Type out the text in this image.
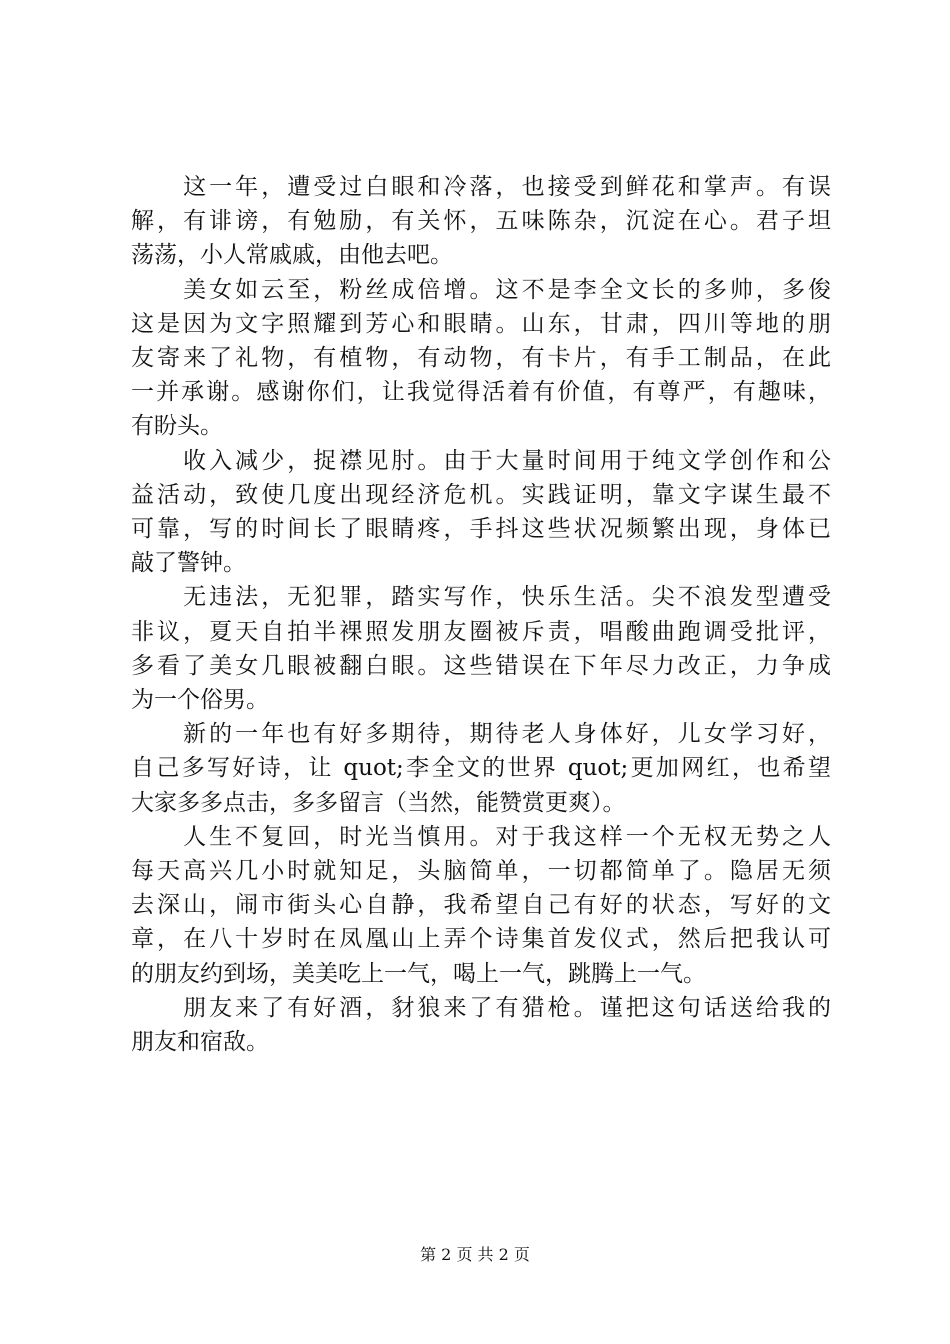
　　这一年，遭受过白眼和冷落，也接受到鲜花和掌声。有误
解，有诽谤，有勉励，有关怀，五味陈杂，沉淀在心。君子坦
荡荡，小人常戚戚，由他去吧。

　　美女如云至，粉丝成倍增。这不是李全文长的多帅，多俊
这是因为文字照耀到芳心和眼睛。山东，甘肃，四川等地的朋
友寄来了礼物，有植物，有动物，有卡片，有手工制品，在此
一并承谢。感谢你们，让我觉得活着有价值，有尊严，有趣味，
有盼头。

　　收入减少，捉襟见肘。由于大量时间用于纯文学创作和公
益活动，致使几度出现经济危机。实践证明，靠文字谋生最不
可靠，写的时间长了眼睛疼，手抖这些状况频繁出现，身体已
敲了警钟。

　　无违法，无犯罪，踏实写作，快乐生活。尖不浪发型遭受
非议，夏天自拍半裸照发朋友圈被斥责，唱酸曲跑调受批评，
多看了美女几眼被翻白眼。这些错误在下年尽力改正，力争成
为一个俗男。

　　新的一年也有好多期待，期待老人身体好，儿女学习好，
自己多写好诗，让 quot;李全文的世界 quot;更加网红，也希望
大家多多点击，多多留言（当然，能赞赏更爽）。

　　人生不复回，时光当慎用。对于我这样一个无权无势之人
每天高兴几小时就知足，头脑简单，一切都简单了。隐居无须
去深山，闹市街头心自静，我希望自己有好的状态，写好的文
章，在八十岁时在凤凰山上弄个诗集首发仪式，然后把我认可
的朋友约到场，美美吃上一气，喝上一气，跳腾上一气。

　　朋友来了有好酒，豺狼来了有猎枪。谨把这句话送给我的
朋友和宿敌。

第 2 页 共 2 页
